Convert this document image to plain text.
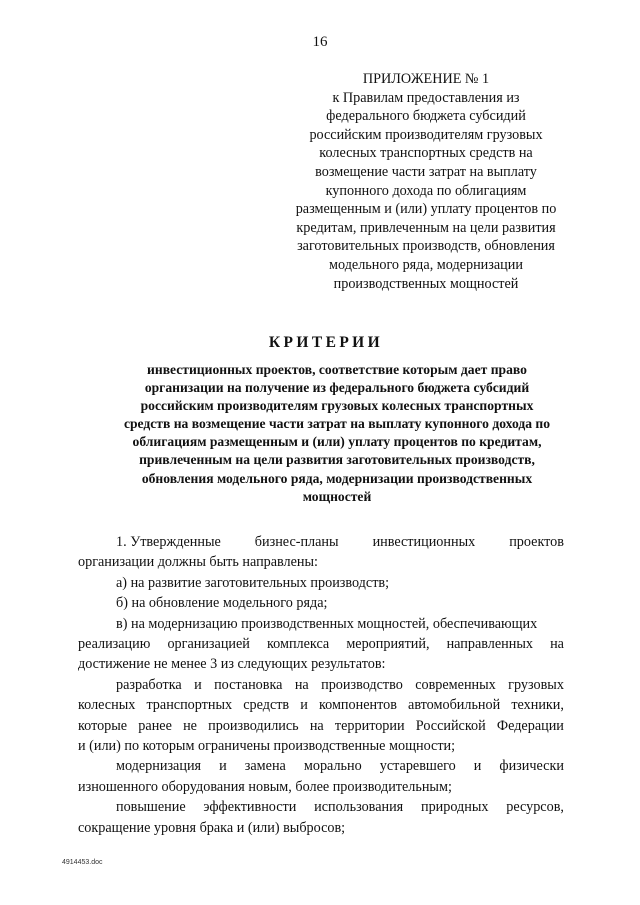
16
ПРИЛОЖЕНИЕ № 1
к Правилам предоставления из
федерального бюджета субсидий
российским производителям грузовых
колесных транспортных средств на
возмещение части затрат на выплату
купонного дохода по облигациям
размещенным и (или) уплату процентов по
кредитам, привлеченным на цели развития
заготовительных производств, обновления
модельного ряда, модернизации
производственных мощностей
КРИТЕРИИ
инвестиционных проектов, соответствие которым дает право
организации на получение из федерального бюджета субсидий
российским производителям грузовых колесных транспортных
средств на возмещение части затрат на выплату купонного дохода по
облигациям размещенным и (или) уплату процентов по кредитам,
привлеченным на цели развития заготовительных производств,
обновления модельного ряда, модернизации производственных
мощностей
1. Утвержденные бизнес-планы инвестиционных проектов
организации должны быть направлены:
а) на развитие заготовительных производств;
б) на обновление модельного ряда;
в) на модернизацию производственных мощностей, обеспечивающих
реализацию организацией комплекса мероприятий, направленных на
достижение не менее 3 из следующих результатов:
разработка и постановка на производство современных грузовых
колесных транспортных средств и компонентов автомобильной техники,
которые ранее не производились на территории Российской Федерации
и (или) по которым ограничены производственные мощности;
модернизация и замена морально устаревшего и физически
изношенного оборудования новым, более производительным;
повышение эффективности использования природных ресурсов,
сокращение уровня брака и (или) выбросов;
4914453.doc
